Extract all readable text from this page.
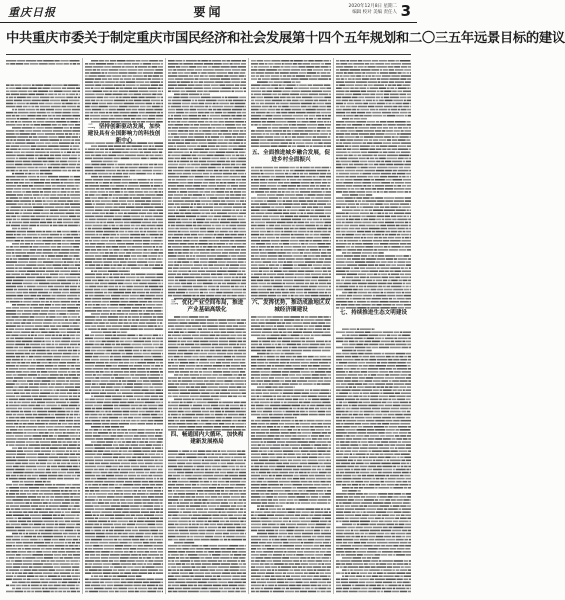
重庆日报	要闻	2020年12月8日 星期二
编辑 校对 美编 责任人 3
中共重庆市委关于制定重庆市国民经济和社会发展第十四个五年规划和二〇三五年远景目标的建议
二、坚持创新驱动发展，加快建设具有全国影响力的科技创新中心
三、优化产业空间布局，推进产业基础高级化
四、畅通国内大循环，加快构建新发展格局
五、全面推进城乡融合发展，促进乡村全面振兴
六、发挥优势，推动成渝地区双城经济圈建设	七、持续推进生态文明建设
